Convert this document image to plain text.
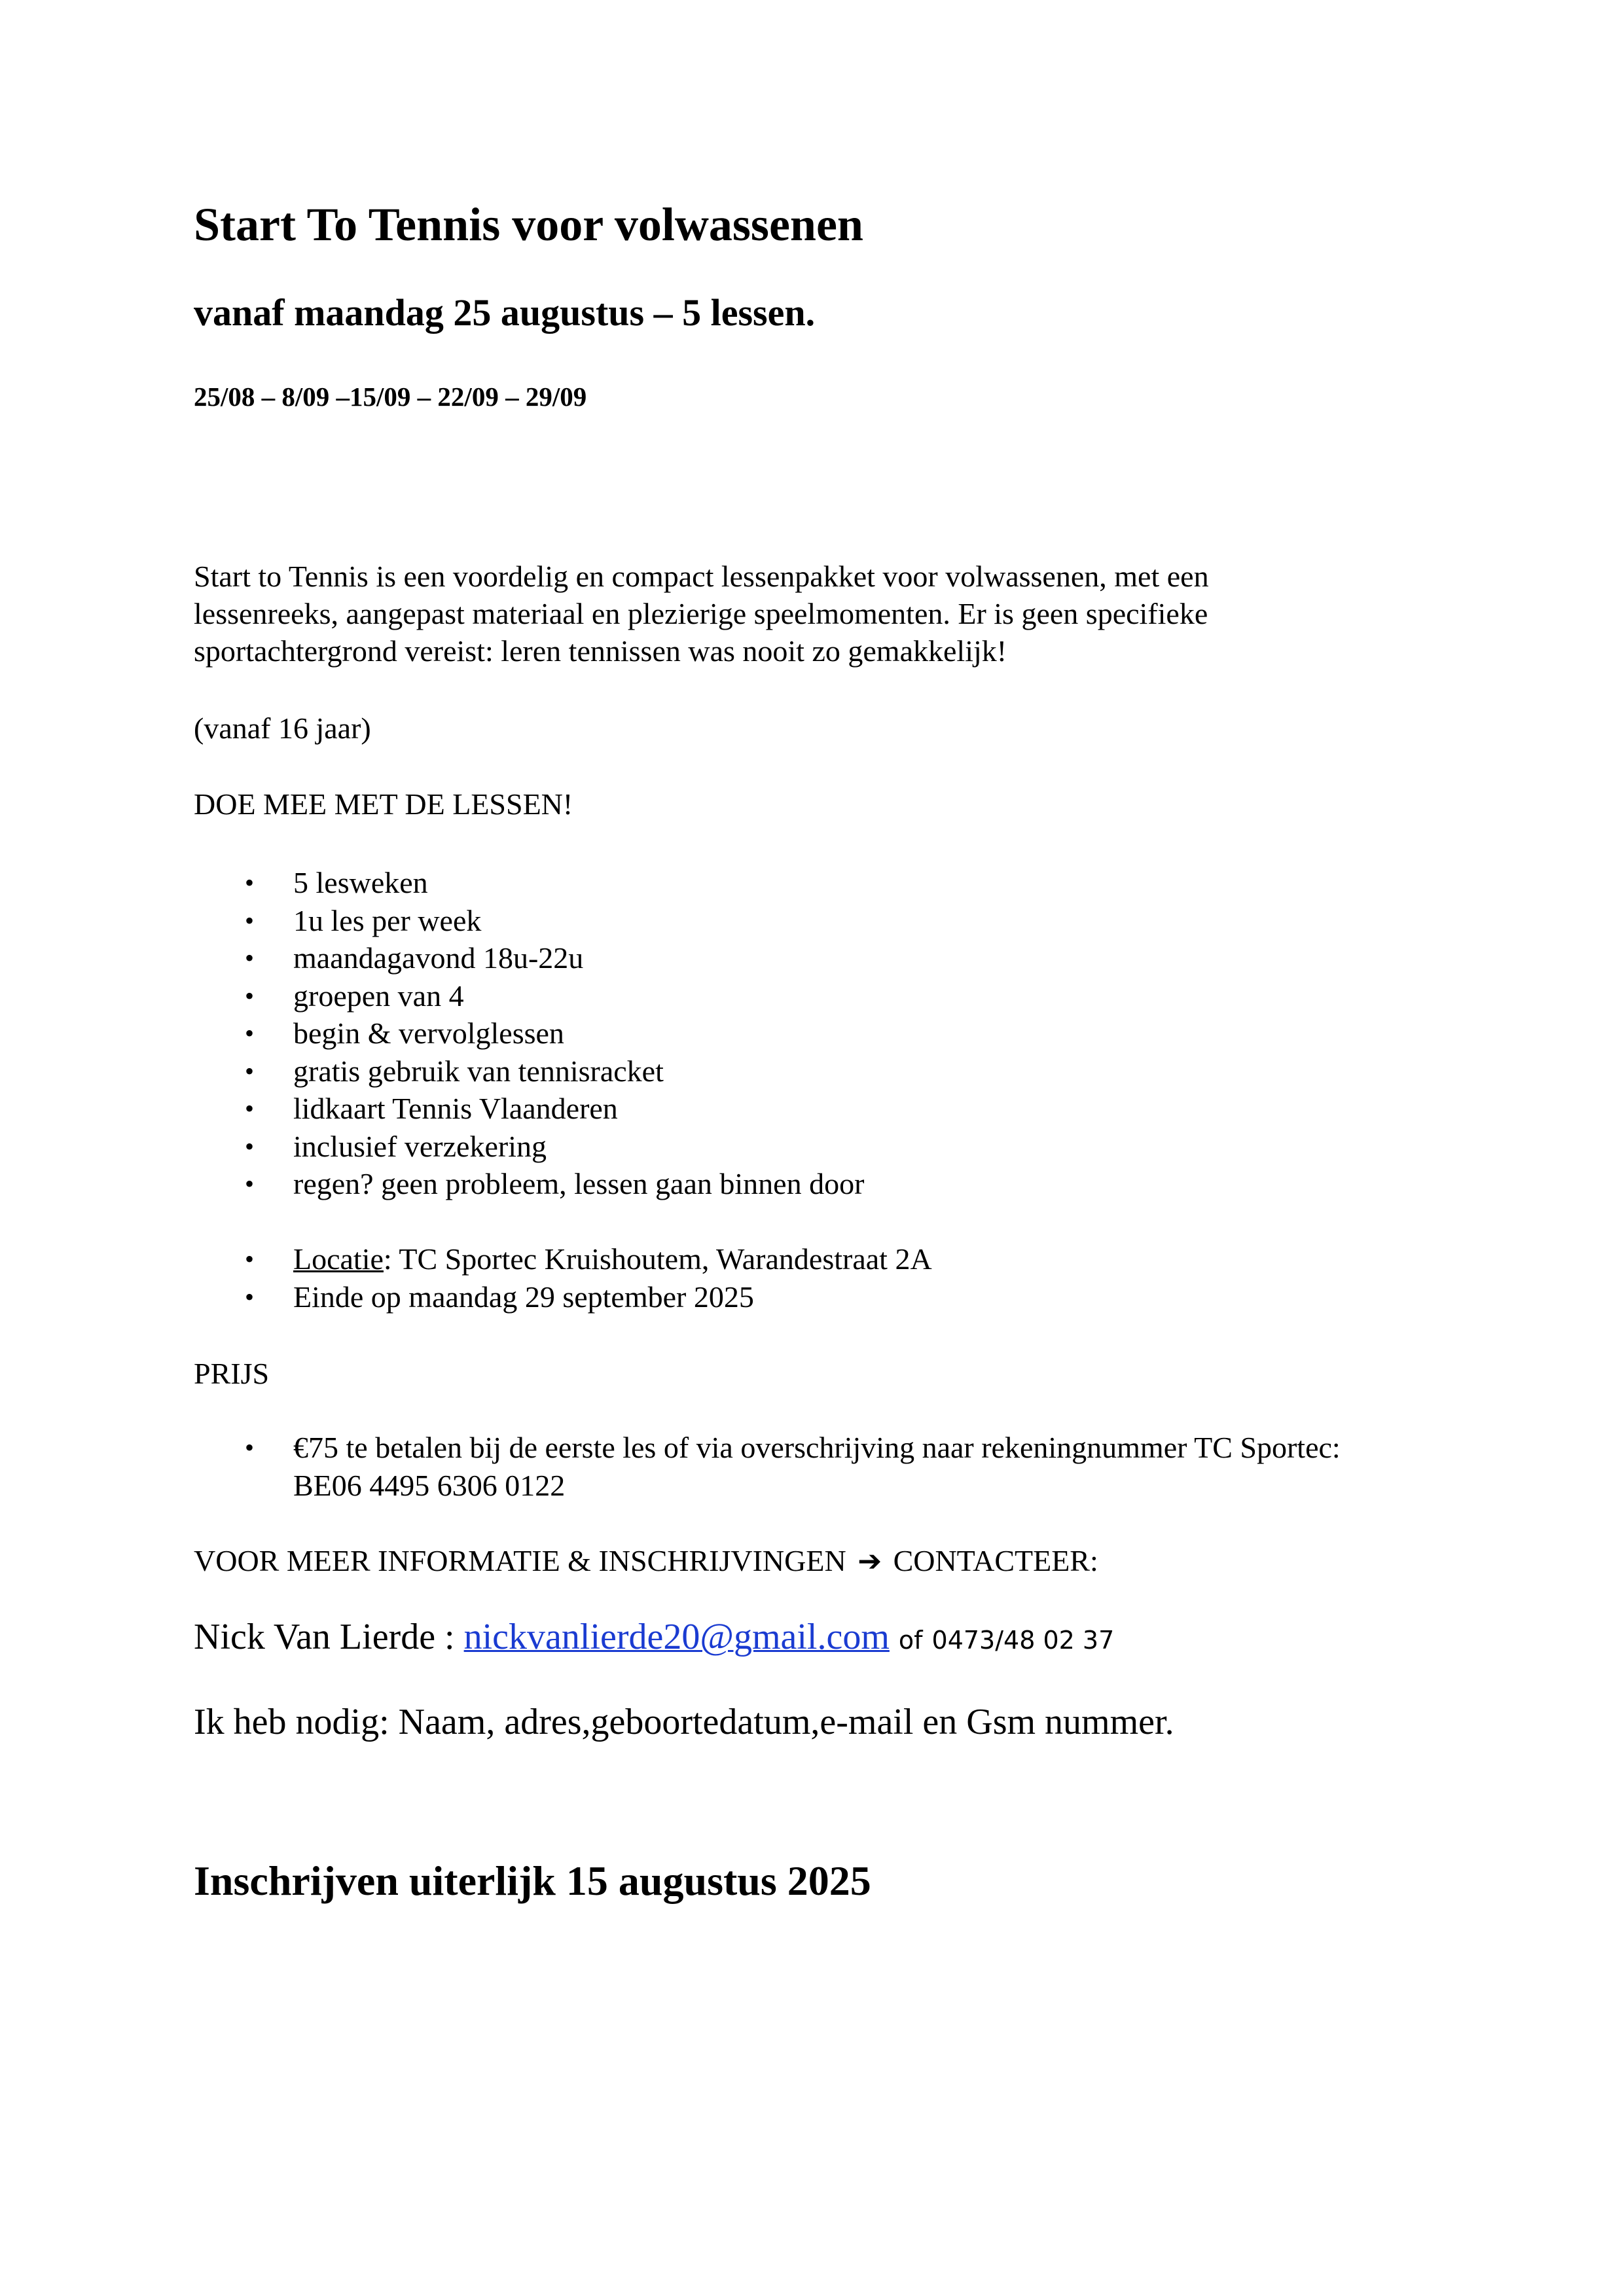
Start To Tennis voor volwassenen
vanaf maandag 25 augustus – 5 lessen.
25/08 – 8/09 –15/09 – 22/09 – 29/09
Start to Tennis is een voordelig en compact lessenpakket voor volwassenen, met een
lessenreeks, aangepast materiaal en plezierige speelmomenten. Er is geen specifieke
sportachtergrond vereist: leren tennissen was nooit zo gemakkelijk!
(vanaf 16 jaar)
DOE MEE MET DE LESSEN!
• 5 lesweken
• 1u les per week
• maandagavond 18u-22u
• groepen van 4
• begin & vervolglessen
• gratis gebruik van tennisracket
• lidkaart Tennis Vlaanderen
• inclusief verzekering
• regen? geen probleem, lessen gaan binnen door
• Locatie: TC Sportec Kruishoutem, Warandestraat 2A
• Einde op maandag 29 september 2025
PRIJS
• €75 te betalen bij de eerste les of via overschrijving naar rekeningnummer TC Sportec:
BE06 4495 6306 0122
VOOR MEER INFORMATIE & INSCHRIJVINGEN ➔ CONTACTEER:
Nick Van Lierde : nickvanlierde20@gmail.com of 0473/48 02 37
Ik heb nodig: Naam, adres,geboortedatum,e-mail en Gsm nummer.
Inschrijven uiterlijk 15 augustus 2025
